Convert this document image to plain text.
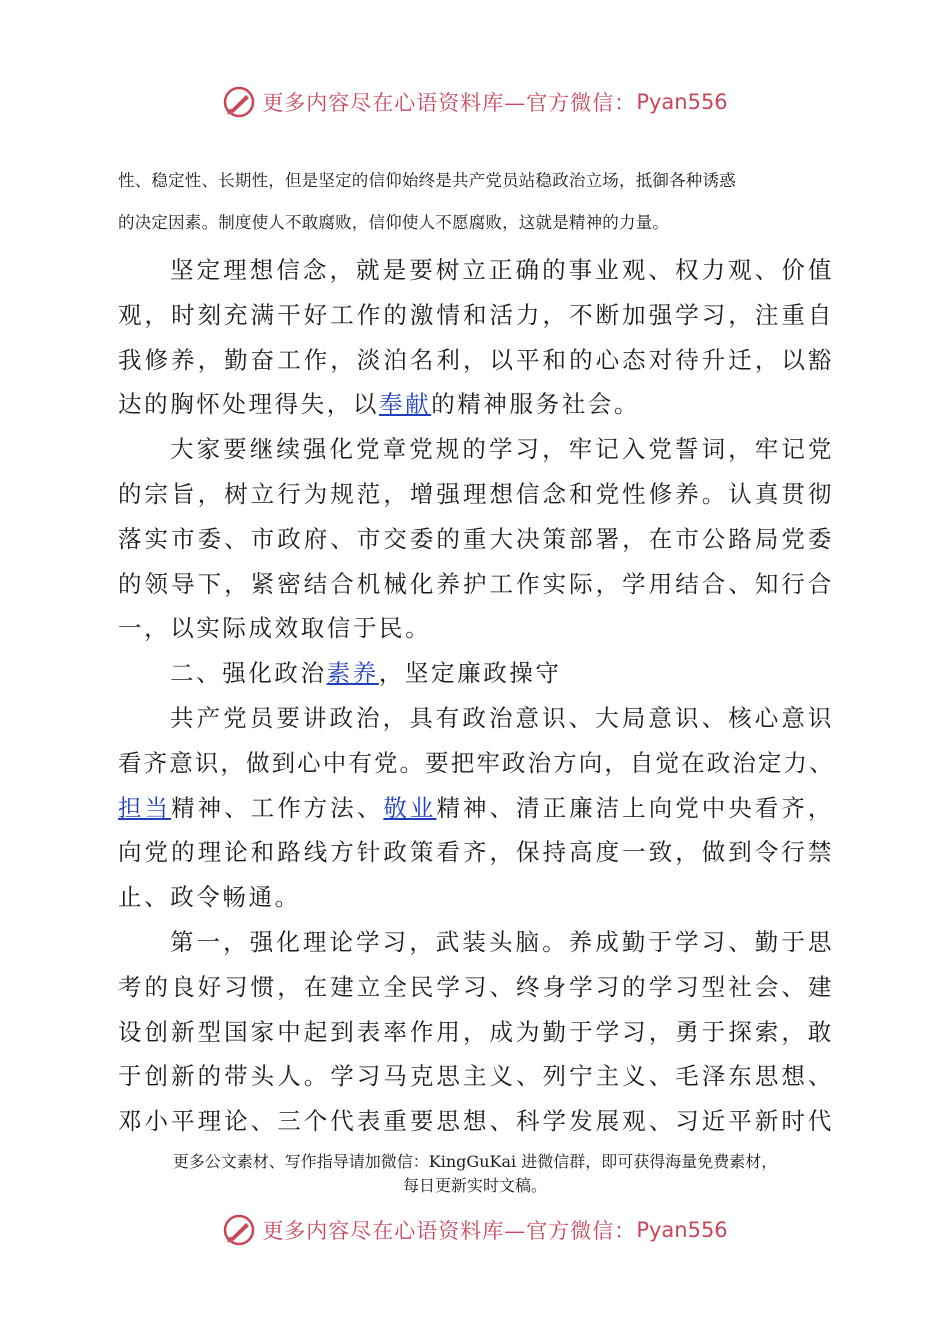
更多内容尽在心语资料库—官方微信： Pyan556

性、稳定性、长期性，但是坚定的信仰始终是共产党员站稳政治立场，抵御各种诱惑

的决定因素。制度使人不敢腐败，信仰使人不愿腐败，这就是精神的力量。

坚定理想信念，就是要树立正确的事业观、权力观、价值
观，时刻充满干好工作的激情和活力，不断加强学习，注重自
我修养，勤奋工作，淡泊名利，以平和的心态对待升迁，以豁
达的胸怀处理得失，以奉献的精神服务社会。

大家要继续强化党章党规的学习，牢记入党誓词，牢记党
的宗旨，树立行为规范，增强理想信念和党性修养。认真贯彻
落实市委、市政府、市交委的重大决策部署，在市公路局党委
的领导下，紧密结合机械化养护工作实际，学用结合、知行合
一，以实际成效取信于民。

二、强化政治素养，坚定廉政操守

共产党员要讲政治，具有政治意识、大局意识、核心意识
看齐意识，做到心中有党。要把牢政治方向，自觉在政治定力、
担当精神、工作方法、敬业精神、清正廉洁上向党中央看齐，
向党的理论和路线方针政策看齐，保持高度一致，做到令行禁
止、政令畅通。

第一，强化理论学习，武装头脑。养成勤于学习、勤于思
考的良好习惯，在建立全民学习、终身学习的学习型社会、建
设创新型国家中起到表率作用，成为勤于学习，勇于探索，敢
于创新的带头人。学习马克思主义、列宁主义、毛泽东思想、
邓小平理论、三个代表重要思想、科学发展观、习近平新时代

更多公文素材、写作指导请加微信：KingGuKai 进微信群，即可获得海量免费素材，
每日更新实时文稿。
更多内容尽在心语资料库—官方微信： Pyan556
